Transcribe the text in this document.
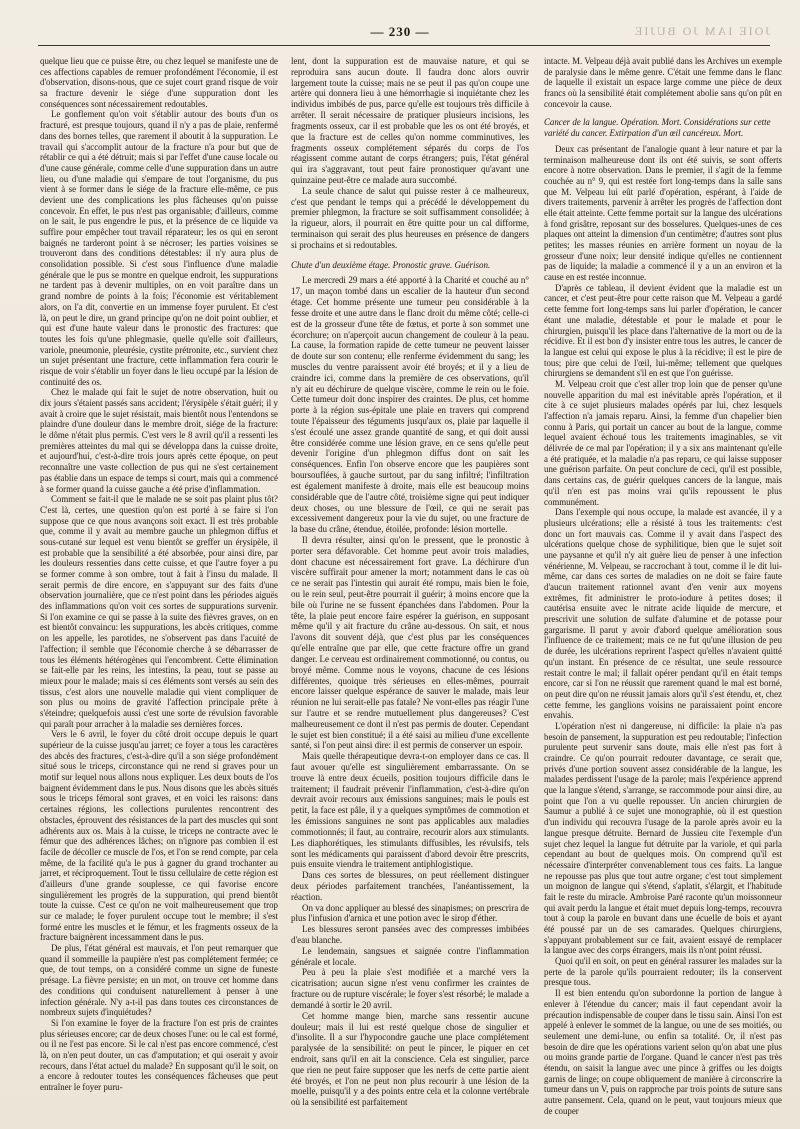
— 230 —	JOIE IAM JO BUJIE

quelque lieu que ce puisse être, ou chez lequel se manifeste une de ces affections capables de remuer profondément l'économie, il est d'observation, disons-nous, que ce sujet court grand risque de voir sa fracture devenir le siége d'une suppuration dont les conséquences sont nécessairement redoutables.

Le gonflement qu'on voit s'établir autour des bouts d'un os fracturé, est presque toujours, quand il n'y a pas de plaie, renfermé dans des bornes telles, que rarement il aboutit à la suppuration. Le travail qui s'accomplit autour de la fracture n'a pour but que de rétablir ce qui a été détruit; mais si par l'effet d'une cause locale ou d'une cause générale, comme celle d'une suppuration dans un autre lieu, ou d'une maladie qui s'empare de tout l'organisme, du pus vient à se former dans le siége de la fracture elle-même, ce pus devient une des complications les plus fâcheuses qu'on puisse concevoir. En effet, le pus n'est pas organisable; d'ailleurs, comme on le sait, le pus engendre le pus, et la présence de ce liquide va suffire pour empêcher tout travail réparateur; les os qui en seront baignés ne tarderont point à se nécroser; les parties voisines se trouveront dans des conditions détestables: il n'y aura plus de consolidation possible. Si c'est sous l'influence d'une maladie générale que le pus se montre en quelque endroit, les suppurations ne tardent pas à devenir multiples, on en voit paraître dans un grand nombre de points à la fois; l'économie est véritablement alors, on l'a dit, convertie en un immense foyer purulent. Et c'est là, on peut le dire, un grand principe qu'on ne doit point oublier, et qui est d'une haute valeur dans le pronostic des fractures: que toutes les fois qu'une phlegmasie, quelle qu'elle soit d'ailleurs, variole, pneumonie, pleurésie, cystite prétronite, etc., survient chez un sujet présentant une fracture, cette inflammation fera courir le risque de voir s'établir un foyer dans le lieu occupé par la lésion de continuité des os.

Chez le malade qui fait le sujet de notre observation, huit ou dix jours s'étaient passés sans accident; l'érysipèle s'était guéri; il y avait à croire que le sujet résistait, mais bientôt nous l'entendons se plaindre d'une douleur dans le membre droit, siége de la fracture: le dôme n'était plus permis. C'est vers le 8 avril qu'il a ressenti les premières atteintes du mal qui se développa dans la cuisse droite, et aujourd'hui, c'est-à-dire trois jours après cette époque, on peut reconnaître une vaste collection de pus qui ne s'est certainement pas établie dans un espace de temps si court, mais qui a commencé à se former quand la cuisse gauche a été prise d'inflammation.

Comment se fait-il que le malade ne se soit pas plaint plus tôt? C'est là, certes, une question qu'on est porté à se faire si l'on suppose que ce que nous avançons soit exact. Il est très probable que, comme il y avait au membre gauche un phlegmon diffus et sous-cutané sur lequel est venu bientôt se greffer un érysipèle, il est probable que la sensibilité a été absorbée, pour ainsi dire, par les douleurs ressenties dans cette cuisse, et que l'autre foyer a pu se former comme à son ombre, tout à fait à l'insu du malade. Il serait permis de dire encore, en s'appuyant sur des faits d'une observation journalière, que ce n'est point dans les périodes aiguës des inflammations qu'on voit ces sortes de suppurations survenir. Si l'on examine ce qui se passe à la suite des fièvres graves, on en est bientôt convaincu: les suppurations, les abcès critiques, comme on les appelle, les parotides, ne s'observent pas dans l'acuité de l'affection; il semble que l'économie cherche à se débarrasser de tous les éléments hétérogènes qui l'encombrent. Cette élimination se fait-elle par les reins, les intestins, la peau, tout se passe au mieux pour le malade; mais si ces éléments sont versés au sein des tissus, c'est alors une nouvelle maladie qui vient compliquer de son plus ou moins de gravité l'affection principale prête à s'éteindre; quelquefois aussi c'est une sorte de révulsion favorable qui paraît pour arracher à la maladie ses dernières forces.

Vers le 6 avril, le foyer du côté droit occupe depuis le quart supérieur de la cuisse jusqu'au jarret; ce foyer a tous les caractères des abcès des fractures, c'est-à-dire qu'il a son siége profondément situé sous le triceps, circonstance qui ne rend si graves pour un motif sur lequel nous allons nous expliquer. Les deux bouts de l'os baignent évidemment dans le pus. Nous disons que les abcès situés sous le triceps fémoral sont graves, et en voici les raisons: dans certaines régions, les collections purulentes rencontrent des obstacles, éprouvent des résistances de la part des muscles qui sont adhérents aux os. Mais à la cuisse, le triceps ne contracte avec le fémur que des adhérences lâches; on n'ignore pas combien il est facile de décoller ce muscle de l'os, et l'on se rend compte, par cela même, de la facilité qu'a le pus à gagner du grand trochanter au jarret, et réciproquement. Tout le tissu cellulaire de cette région est d'ailleurs d'une grande souplesse, ce qui favorise encore singulièrement les progrès de la suppuration, qui prend bientôt toute la cuisse. C'est ce qu'on ne voit malheureusement que trop sur ce malade; le foyer purulent occupe tout le membre; il s'est formé entre les muscles et le fémur, et les fragments osseux de la fracture baignèrent incessamment dans le pus.

De plus, l'état général est mauvais, et l'on peut remarquer que quand il sommeille la paupière n'est pas complétement fermée; ce que, de tout temps, on a considéré comme un signe de funeste présage. La fièvre persiste; en un mot, on trouve cet homme dans des conditions qui conduisent naturellement à penser à une infection générale. N'y a-t-il pas dans toutes ces circonstances de nombreux sujets d'inquiétudes?

Si l'on examine le foyer de la fracture l'on est pris de craintes plus sérieuses encore; car de deux choses l'une: ou le cal est formé, ou il ne l'est pas encore. Si le cal n'est pas encore commencé, c'est là, on n'en peut douter, un cas d'amputation; et qui oserait y avoir recours, dans l'état actuel du malade? En supposant qu'il le soit, on a encore à redouter toutes les conséquences fâcheuses que peut entraîner le foyer puru-

lent, dont la suppuration est de mauvaise nature, et qui se reproduira sans aucun doute. Il faudra donc alors ouvrir largement toute la cuisse; mais ne se peut il pas qu'on coupe une artère qui donnera lieu à une hémorrhagie si inquiétante chez les individus imbibés de pus, parce qu'elle est toujours très difficile à arrêter. Il serait nécessaire de pratiquer plusieurs incisions, les fragments osseux, car il est probable que les os ont été broyés, et que la fracture est de celles qu'on nomme comminutives, les fragments osseux complétement séparés du corps de l'os réagissent comme autant de corps étrangers; puis, l'état général qui ira s'aggravant, tout peut faire pronostiquer qu'avant une quinzaine peut-être ce malade aura succombé.

La seule chance de salut qui puisse rester à ce malheureux, c'est que pendant le temps qui a précédé le développement du premier phlegmon, la fracture se soit suffisamment consolidée; à la rigueur, alors, il pourrait en être quitte pour un cal difforme, terminaison qui serait des plus heureuses en présence de dangers si prochains et si redoutables.

Chute d'un deuxième étage. Pronostic grave. Guérison.

Le mercredi 29 mars a été apporté à la Charité et couché au n° 17, un maçon tombé dans un escalier de la hauteur d'un second étage. Cet homme présente une tumeur peu considérable à la fesse droite et une autre dans le flanc droit du même côté; celle-ci est de la grosseur d'une tête de fœtus, et porte à son sommet une écorchure; on n'aperçoit aucun changement de couleur à la peau. La cause, la formation rapide de cette tumeur ne peuvent laisser de doute sur son contenu; elle renferme évidemment du sang; les muscles du ventre paraissent avoir été broyés; et il y a lieu de craindre ici, comme dans la première de ces observations, qu'il n'y ait eu déchirure de quelque viscère, comme le rein ou le foie. Cette tumeur doit donc inspirer des craintes. De plus, cet homme porte à la région sus-épitale une plaie en travers qui comprend toute l'épaisseur des téguments jusqu'aux os, plaie par laquelle il s'est écoulé une assez grande quantité de sang, et qui doit aussi être considérée comme une lésion grave, en ce sens qu'elle peut devenir l'origine d'un phlegmon diffus dont on sait les conséquences. Enfin l'on observe encore que les paupières sont boursouflées, à gauche surtout, par du sang infiltré; l'infiltration est également manifeste à droite, mais elle est beaucoup moins considérable que de l'autre côté, troisième signe qui peut indiquer deux choses, ou une blessure de l'œil, ce qui ne serait pas excessivement dangereux pour la vie du sujet, ou une fracture de la base du crâne, étendue, étoilée, profonde: lésion mortelle.

Il devra résulter, ainsi qu'on le pressent, que le pronostic à porter sera défavorable. Cet homme peut avoir trois maladies, dont chacune est nécessairement fort grave. La déchirure d'un viscère suffirait pour amener la mort; notamment dans le cas où ce ne serait pas l'intestin qui aurait été rompu, mais bien le foie, ou le rein seul, peut-être pourrait il guérir; à moins encore que la bile où l'urine ne se fussent épanchées dans l'abdomen. Pour la tête, la plaie peut encore faire espérer la guérison, en supposant même qu'il y ait fracture du crâne au-dessous. On sait, et nous l'avons dit souvent déjà, que c'est plus par les conséquences qu'elle entraîne que par elle, que cette fracture offre un grand danger. Le cerveau est ordinairement commotionné, ou contus, ou broyé même. Comme nous le voyons, chacune de ces lésions différentes, quoique très sérieuses en elles-mêmes, pourrait encore laisser quelque espérance de sauver le malade, mais leur réunion ne lui serait-elle pas fatale? Ne vont-elles pas réagir l'une sur l'autre et se rendre mutuellement plus dangereuses? C'est malheureusement ce dont il n'est pas permis de douter. Cependant le sujet est bien constitué; il a été saisi au milieu d'une excellente santé, si l'on peut ainsi dire: il est permis de conserver un espoir.

Mais quelle thérapeutique devra-t-on employer dans ce cas. Il faut avouer qu'elle est singulièrement embarrassante. On se trouve là entre deux écueils, position toujours difficile dans le traitement; il faudrait prévenir l'inflammation, c'est-à-dire qu'on devrait avoir recours aux émissions sanguines; mais le pouls est petit, la face est pâle, il y a quelques symptômes de commotion et les émissions sanguines ne sont pas applicables aux maladies commotionnés; il faut, au contraire, recourir alors aux stimulants. Les diaphorétiques, les stimulants diffusibles, les révulsifs, tels sont les médicaments qui paraissent d'abord devoir être prescrits, puis ensuite viendra le traitement antiphlogistique.

Dans ces sortes de blessures, on peut réellement distinguer deux périodes parfaitement tranchées, l'anéantissement, la réaction.

On va donc appliquer au blessé des sinapismes; on prescrira de plus l'infusion d'arnica et une potion avec le sirop d'éther.

Les blessures seront pansées avec des compresses imbibées d'eau blanche.

Le lendemain, sangsues et saignée contre l'inflammation générale et locale.

Peu à peu la plaie s'est modifiée et a marché vers la cicatrisation; aucun signe n'est venu confirmer les craintes de fracture ou de rupture viscérale; le foyer s'est résorbé; le malade a demandé à sortir le 20 avril.

Cet homme mange bien, marche sans ressentir aucune douleur; mais il lui est resté quelque chose de singulier et d'insolite. Il a sur l'hypocondre gauche une place complétement paralysée de la sensibilité: on peut le pincer, le piquer en cet endroit, sans qu'il en ait la conscience. Cela est singulier, parce que rien ne peut faire supposer que les nerfs de cette partie aient été broyés, et l'on ne peut non plus recourir à une lésion de la moelle, puisqu'il y a des points entre cela et la colonne vertébrale où la sensibilité est parfaitement

intacte. M. Velpeau déjà avait publié dans les Archives un exemple de paralysie dans le même genre. C'était une femme dans le flanc de laquelle il existait un espace large comme une pièce de deux francs où la sensibilité était complétement abolie sans qu'on pût en concevoir la cause.

Cancer de la langue. Opération. Mort. Considérations sur cette variété du cancer. Extirpation d'un œil cancéreux. Mort.

Deux cas présentant de l'analogie quant à leur nature et par la terminaison malheureuse dont ils ont été suivis, se sont offerts encore à notre observation. Dans le premier, il s'agit de la femme couchée au n° 9, qui est restée fort long-temps dans la salle sans que M. Velpeau lui eût parlé d'opération, espérant, à l'aide de divers traitements, parvenir à arrêter les progrès de l'affection dont elle était atteinte. Cette femme portait sur la langue des ulcérations à fond grisâtre, reposant sur des bosselures. Quelques-unes de ces plaques ont atteint la dimension d'un centimètre; d'autres sont plus petites; les masses réunies en arrière forment un noyau de la grosseur d'une noix; leur densité indique qu'elles ne contiennent pas de liquide; la maladie a commencé il y a un an environ et la cause en est restée inconnue.

D'après ce tableau, il devient évident que la maladie est un cancer, et c'est peut-être pour cette raison que M. Velpeau a gardé cette femme fort long-temps sans lui parler d'opération, le cancer étant une maladie, détestable et pour le malade et pour le chirurgien, puisqu'il les place dans l'alternative de la mort ou de la récidive. Et il est bon d'y insister entre tous les autres, le cancer de la langue est celui qui expose le plus à la récidive; il est le pire de tous; pire que celui de l'œil, lui-même; tellement que quelques chirurgiens se demandent s'il en est que l'on guérisse.

M. Velpeau croit que c'est aller trop loin que de penser qu'une nouvelle apparition du mal est inévitable après l'opération, et il cite à ce sujet plusieurs malades opérés par lui, chez lesquels l'affection n'a jamais reparu. Ainsi, la femme d'un chapelier bien connu à Paris, qui portait un cancer au bout de la langue, comme lequel avaient échoué tous les traitements imaginables, se vit délivrée de ce mal par l'opération; il y a six ans maintenant qu'elle a été pratiquée, et la maladie n'a pas reparu, ce qui laisse supposer une guérison parfaite. On peut conclure de ceci, qu'il est possible, dans certains cas, de guérir quelques cancers de la langue, mais qu'il n'en est pas moins vrai qu'ils repoussent le plus communément.

Dans l'exemple qui nous occupe, la malade est avancée, il y a plusieurs ulcérations; elle a résisté à tous les traitements: c'est donc un fort mauvais cas. Comme il y avait dans l'aspect des ulcérations quelque chose de syphilitique, bien que le sujet soit une paysanne et qu'il n'y ait guère lieu de penser à une infection vénérienne, M. Velpeau, se raccrochant à tout, comme il le dit lui-même, car dans ces sortes de maladies on ne doit se faire faute d'aucun traitement rationnel avant d'en venir aux moyens extrêmes, fit administrer le proto-iodure à petites doses; il cautérisa ensuite avec le nitrate acide liquide de mercure, et prescrivit une solution de sulfate d'alumine et de potasse pour gargarisme. Il parut y avoir d'abord quelque amélioration sous l'influence de ce traitement; mais ce ne fut qu'une illusion de peu de durée, les ulcérations reprirent l'aspect qu'elles n'avaient quitté qu'un instant. En présence de ce résultat, une seule ressource restait contre le mal; il fallait opérer pendant qu'il en était temps encore, car si l'on ne réussit que rarement quand le mal est borné, on peut dire qu'on ne réussit jamais alors qu'il s'est étendu, et, chez cette femme, les ganglions voisins ne paraissaient point encore envahis.

L'opération n'est ni dangereuse, ni difficile: la plaie n'a pas besoin de pansement, la suppuration est peu redoutable; l'infection purulente peut survenir sans doute, mais elle n'est pas fort à craindre. Ce qu'on pourrait redouter davantage, ce serait que, privés d'une portion souvent assez considérable de la langue, les malades perdissent l'usage de la parole; mais l'expérience apprend que la langue s'étend, s'arrange, se raccommode pour ainsi dire, au point que l'on a vu quelle repousser. Un ancien chirurgien de Saumur a publié à ce sujet une monographie, où il est question d'un individu qui recouvra l'usage de la parole après avoir eu la langue presque détruite. Bernard de Jussieu cite l'exemple d'un sujet chez lequel la langue fut détruite par la variole, et qui parla cependant au bout de quelques mois. On comprend qu'il est nécessaire d'interpréter convenablement tous ces faits. La langue ne repousse pas plus que tout autre organe; c'est tout simplement un moignon de langue qui s'étend, s'aplatit, s'élargit, et l'habitude fait le reste du miracle. Ambroise Paré raconte qu'un moissonneur qui avait perdu la langue et était muet depuis long-temps, recouvra tout à coup la parole en buvant dans une écuelle de bois et ayant été poussé par un de ses camarades. Quelques chirurgiens, s'appuyant probablement sur ce fait, avaient essayé de remplacer la langue avec des corps étrangers, mais ils n'ont point réussi.

Quoi qu'il en soit, on peut en général rassurer les malades sur la perte de la parole qu'ils pourraient redouter; ils la conservent presque tous.

Il est bien entendu qu'on subordonne la portion de langue à enlever à l'étendue du cancer; mais il faut cependant avoir la précaution indispensable de couper dans le tissu sain. Ainsi l'on est appelé à enlever le sommet de la langue, ou une de ses moitiés, ou seulement une demi-lune, ou enfin sa totalité. Or, il n'est pas besoin de dire que les opérations varient selon qu'on abat une plus ou moins grande partie de l'organe. Quand le cancer n'est pas très étendu, on saisit la langue avec une pince à griffes ou les doigts garnis de linge; on coupe obliquement de manière à circonscrire la tumeur dans un V, puis on rapproche par trois points de suture sans autre pansement. Cela, quand on le peut, vaut toujours mieux que de couper
